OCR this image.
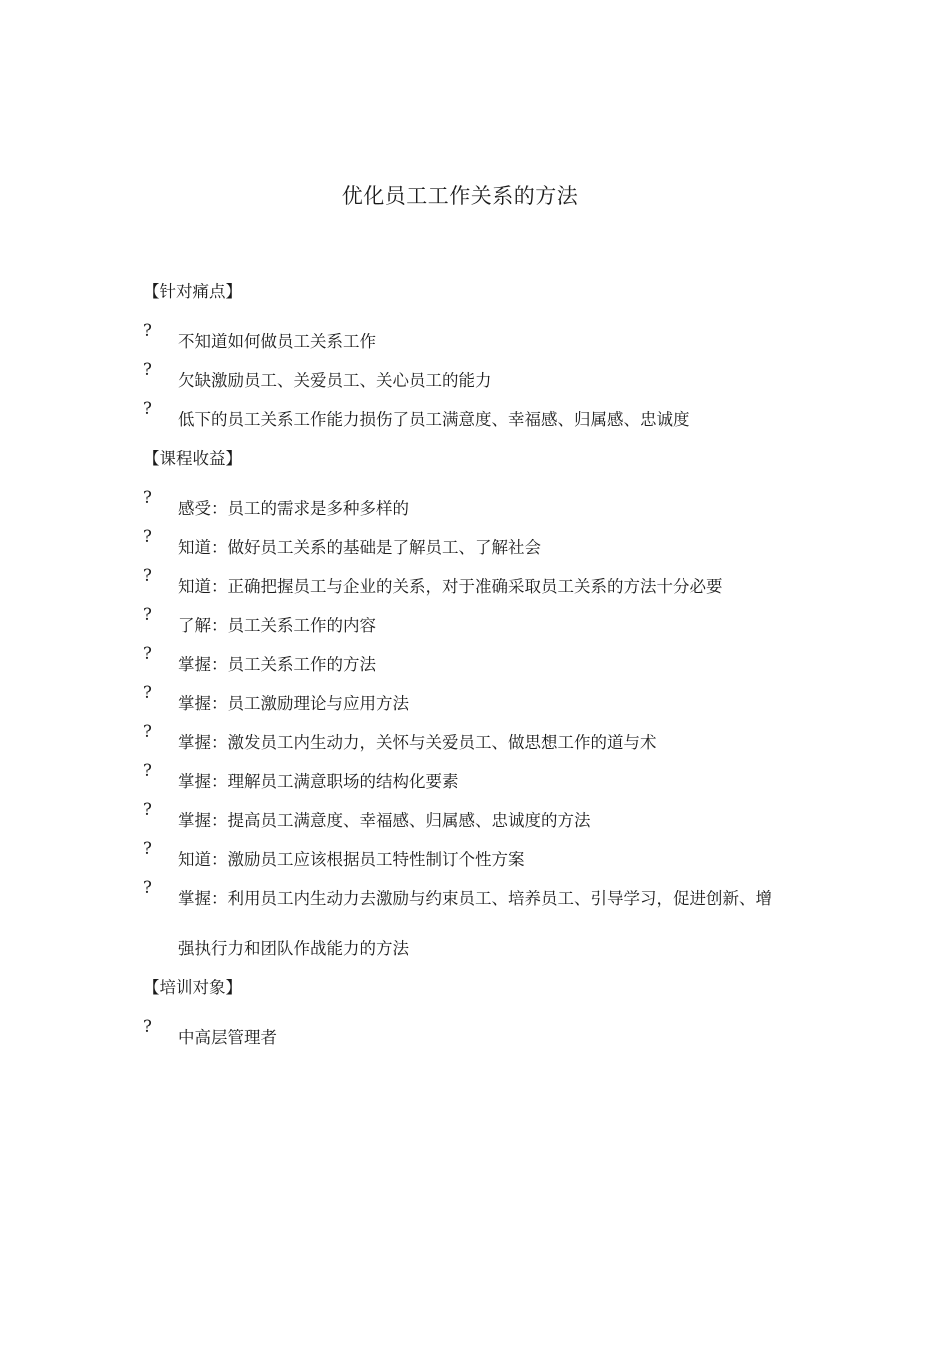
优化员工工作关系的方法
【针对痛点】
?
不知道如何做员工关系工作
?
欠缺激励员工、关爱员工、关心员工的能力
?
低下的员工关系工作能力损伤了员工满意度、幸福感、归属感、忠诚度
【课程收益】
?
感受：员工的需求是多种多样的
?
知道：做好员工关系的基础是了解员工、了解社会
?
知道：正确把握员工与企业的关系，对于准确采取员工关系的方法十分必要
?
了解：员工关系工作的内容
?
掌握：员工关系工作的方法
?
掌握：员工激励理论与应用方法
?
掌握：激发员工内生动力，关怀与关爱员工、做思想工作的道与术
?
掌握：理解员工满意职场的结构化要素
?
掌握：提高员工满意度、幸福感、归属感、忠诚度的方法
?
知道：激励员工应该根据员工特性制订个性方案
?
掌握：利用员工内生动力去激励与约束员工、培养员工、引导学习，促进创新、增强执行力和团队作战能力的方法
【培训对象】
?
中高层管理者
